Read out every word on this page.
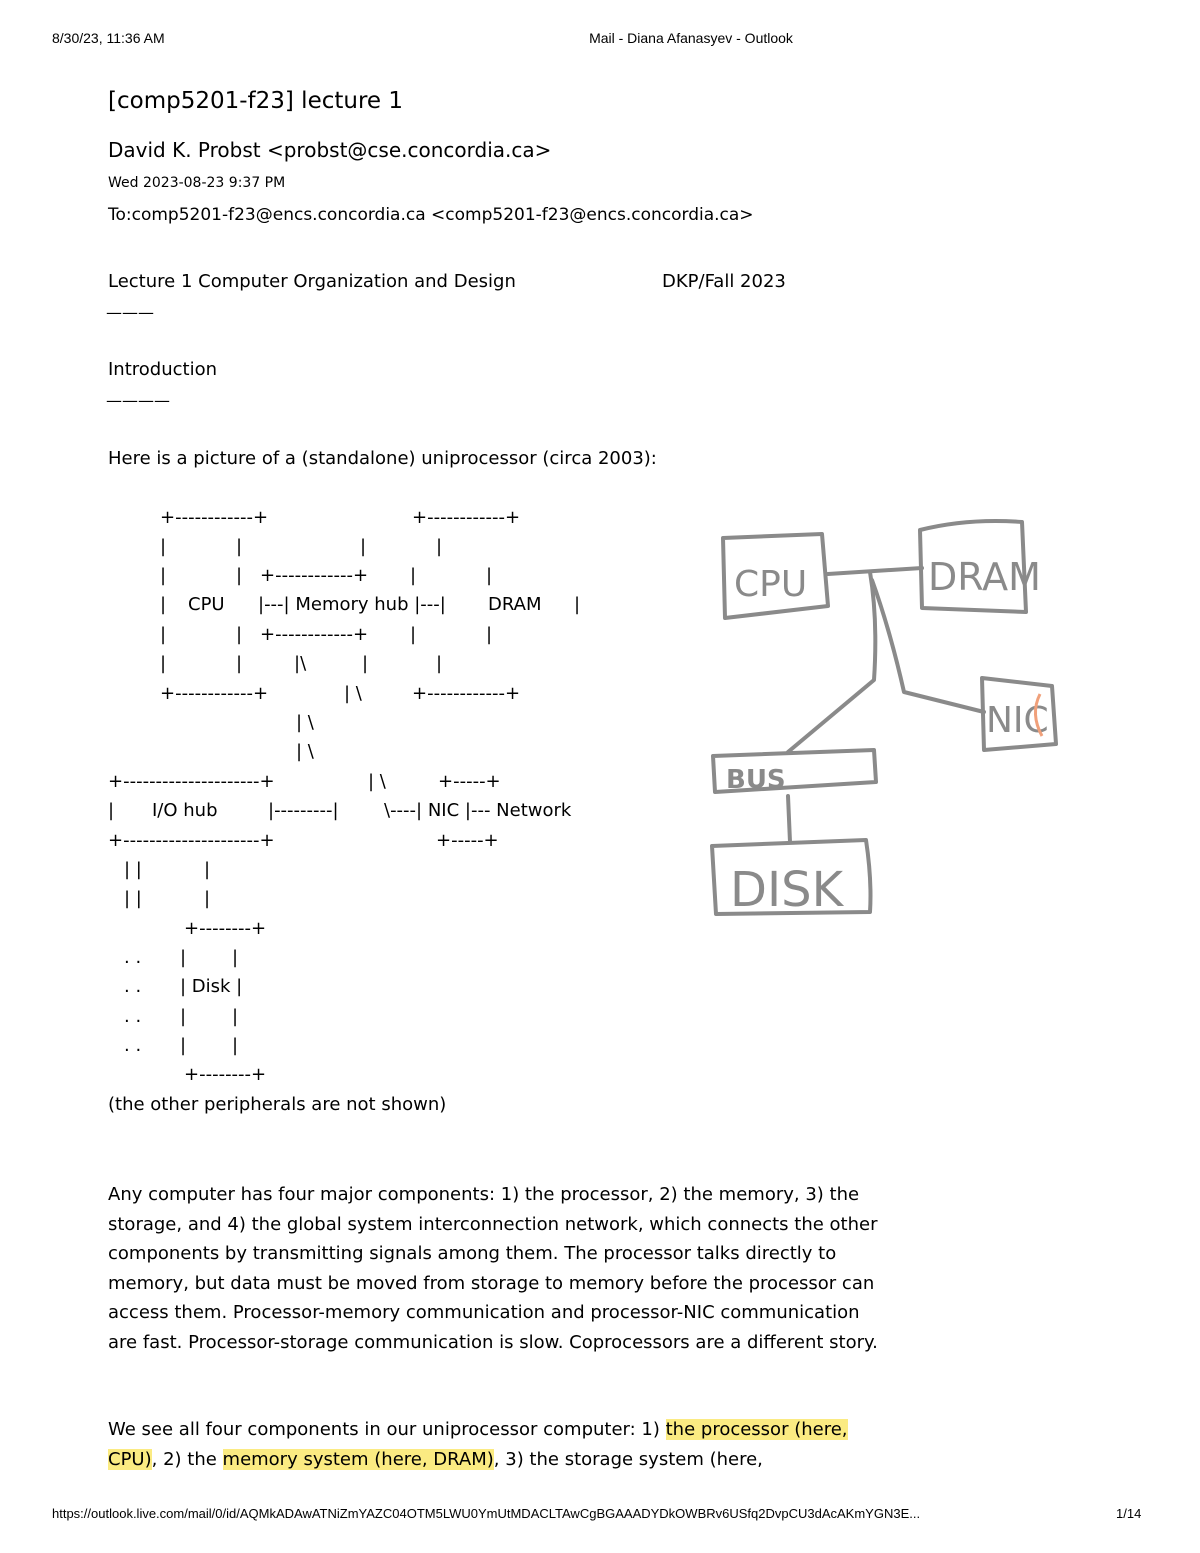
8/30/23, 11:36 AM	Mail - Diana Afanasyev - Outlook
[comp5201-f23] lecture 1
David K. Probst <probst@cse.concordia.ca>
Wed 2023-08-23 9:37 PM
To:comp5201-f23@encs.concordia.ca <comp5201-f23@encs.concordia.ca>
Lecture 1 Computer Organization and Design	DKP/Fall 2023
———
Introduction
————
Here is a picture of a (standalone) uniprocessor (circa 2003):
+------------+	+------------+
|	|	|	|
|	| +------------+ |	|
| CPU |---| Memory hub |---| DRAM |
|	| +------------+ |	|
|	|	|\	|	|
+------------+	| \	+------------+
| \
| \
+---------------------+	| \	+-----+
| I/O hub	|---------|	\----| NIC |--- Network
+---------------------+	+-----+
| |	|
| |	|
+--------+
. . |	|
. . | Disk |
. . |	|
. . |	|
+--------+
(the other peripherals are not shown)
Any computer has four major components: 1) the processor, 2) the memory, 3) the storage, and 4) the global system interconnection network, which connects the other components by transmitting signals among them. The processor talks directly to memory, but data must be moved from storage to memory before the processor can access them. Processor-memory communication and processor-NIC communication are fast. Processor-storage communication is slow. Coprocessors are a different story.
We see all four components in our uniprocessor computer: 1) the processor (here, CPU), 2) the memory system (here, DRAM), 3) the storage system (here,
CPU	DRAM
NIC
BUS
DISK
https://outlook.live.com/mail/0/id/AQMkADAwATNiZmYAZC04OTM5LWU0YmUtMDACLTAwCgBGAAADYDkOWBRv6USfq2DvpCU3dAcAKmYGN3E...	1/14
